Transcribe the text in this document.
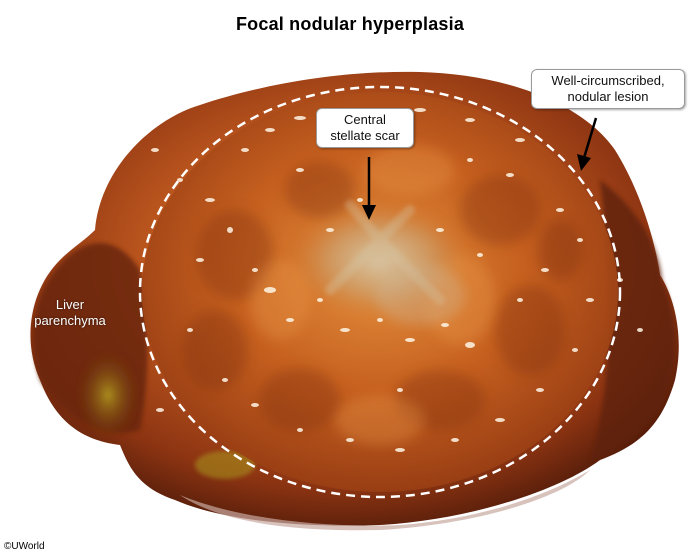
Focal nodular hyperplasia
Central
stellate scar
Well-circumscribed,
nodular lesion
Liver
parenchyma
©UWorld
